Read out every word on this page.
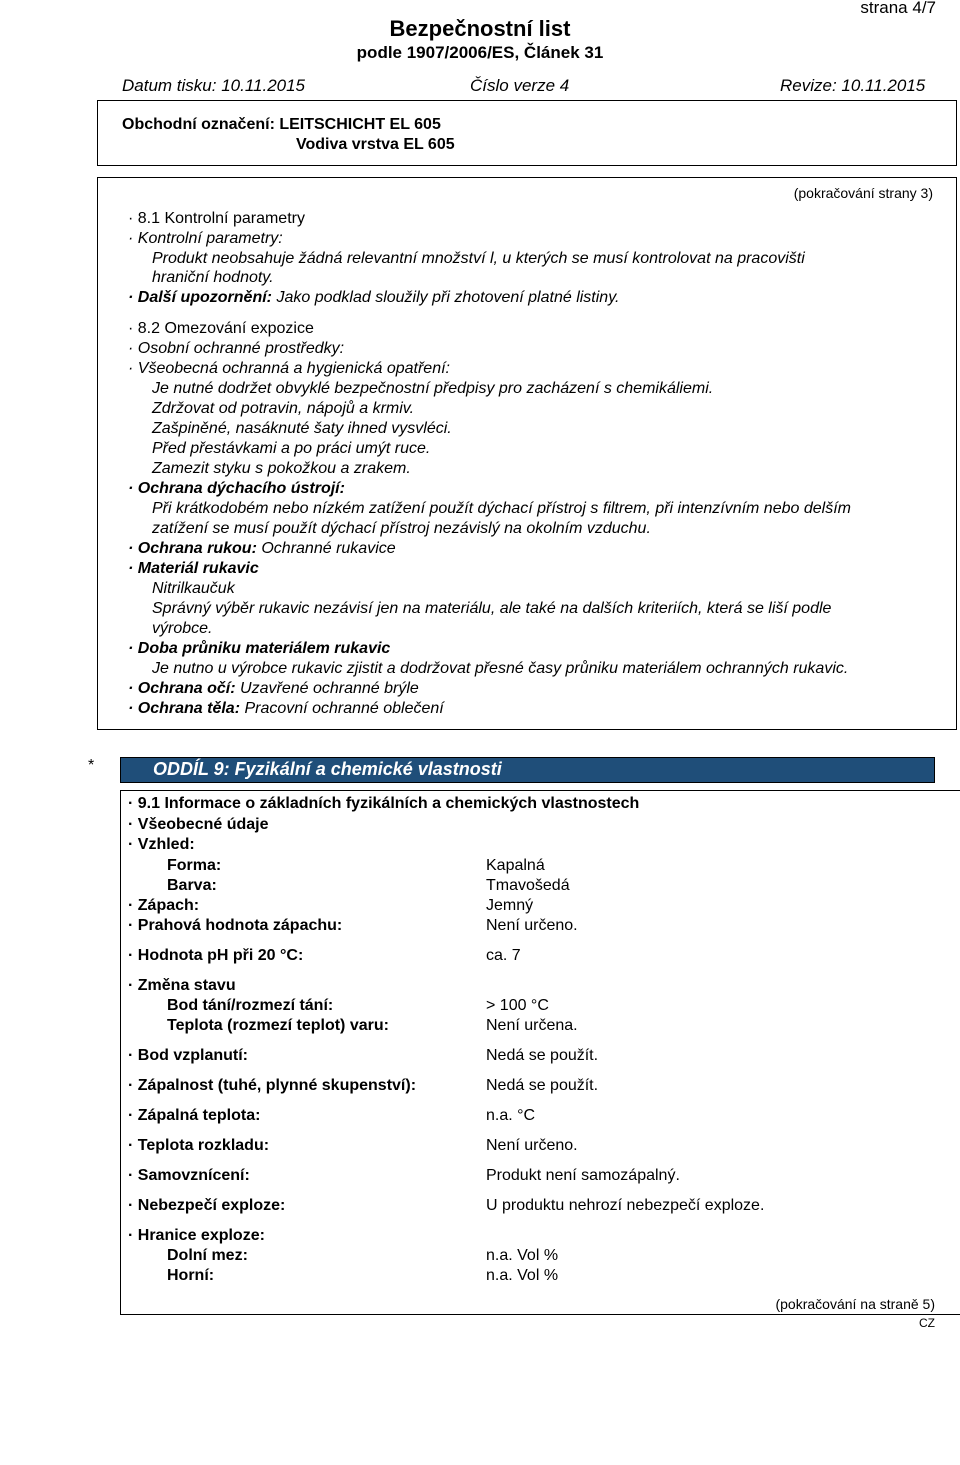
strana 4/7
Bezpečnostní list
podle 1907/2006/ES, Článek 31
Datum tisku: 10.11.2015	Číslo verze 4	Revize: 10.11.2015
Obchodní označení: LEITSCHICHT EL 605
Vodiva vrstva EL 605
(pokračování strany 3)
· 8.1 Kontrolní parametry
· Kontrolní parametry:
Produkt neobsahuje žádná relevantní množství l, u kterých se musí kontrolovat na pracovišti
hraniční hodnoty.
· Další upozornění: Jako podklad sloužily při zhotovení platné listiny.
· 8.2 Omezování expozice
· Osobní ochranné prostředky:
· Všeobecná ochranná a hygienická opatření:
Je nutné dodržet obvyklé bezpečnostní předpisy pro zacházení s chemikáliemi.
Zdržovat od potravin, nápojů a krmiv.
Zašpiněné, nasáknuté šaty ihned vysvléci.
Před přestávkami a po práci umýt ruce.
Zamezit styku s pokožkou a zrakem.
· Ochrana dýchacího ústrojí:
Při krátkodobém nebo nízkém zatížení použít dýchací přístroj s filtrem, při intenzívním nebo delším
zatížení se musí použít dýchací přístroj nezávislý na okolním vzduchu.
· Ochrana rukou: Ochranné rukavice
· Materiál rukavic
Nitrilkaučuk
Správný výběr rukavic nezávisí jen na materiálu, ale také na dalších kriteriích, která se liší podle
výrobce.
· Doba průniku materiálem rukavic
Je nutno u výrobce rukavic zjistit a dodržovat přesné časy průniku materiálem ochranných rukavic.
· Ochrana očí: Uzavřené ochranné brýle
· Ochrana těla: Pracovní ochranné oblečení
*	ODDÍL 9: Fyzikální a chemické vlastnosti
· 9.1 Informace o základních fyzikálních a chemických vlastnostech
· Všeobecné údaje
· Vzhled:
Forma:	Kapalná
Barva:	Tmavošedá
· Zápach:	Jemný
· Prahová hodnota zápachu:	Není určeno.
· Hodnota pH při 20 °C:	ca. 7
· Změna stavu
Bod tání/rozmezí tání:	> 100 °C
Teplota (rozmezí teplot) varu:	Není určena.
· Bod vzplanutí:	Nedá se použít.
· Zápalnost (tuhé, plynné skupenství):	Nedá se použít.
· Zápalná teplota:	n.a. °C
· Teplota rozkladu:	Není určeno.
· Samovznícení:	Produkt není samozápalný.
· Nebezpečí exploze:	U produktu nehrozí nebezpečí exploze.
· Hranice exploze:
Dolní mez:	n.a. Vol %
Horní:	n.a. Vol %
(pokračování na straně 5)
CZ
